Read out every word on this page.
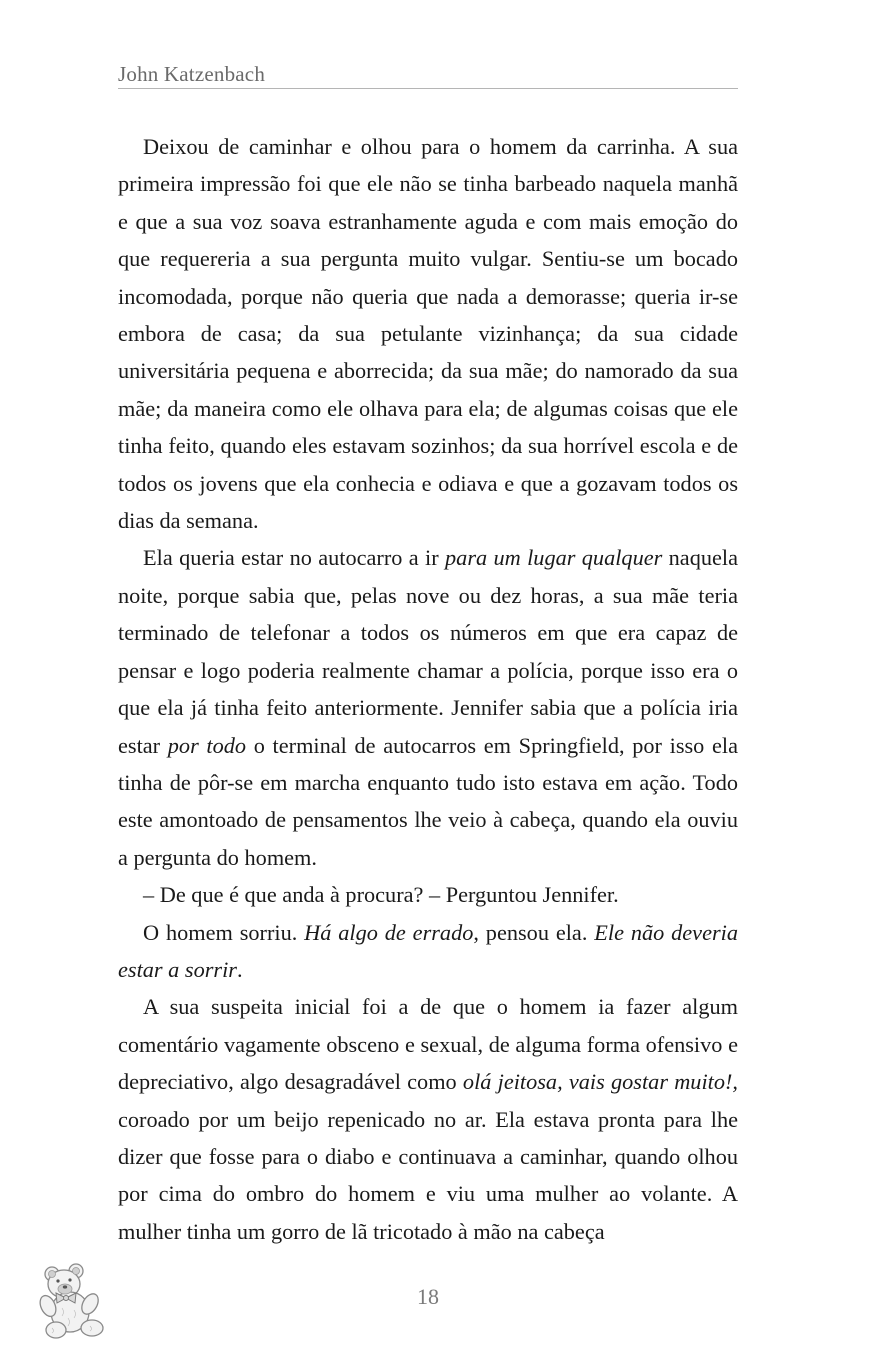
John Katzenbach

Deixou de caminhar e olhou para o homem da carrinha. A sua primeira impressão foi que ele não se tinha barbeado naquela manhã e que a sua voz soava estranhamente aguda e com mais emoção do que requereria a sua pergunta muito vulgar. Sentiu-se um bocado incomodada, porque não queria que nada a demorasse; queria ir-se embora de casa; da sua petulante vizinhança; da sua cidade universitária pequena e aborrecida; da sua mãe; do namorado da sua mãe; da maneira como ele olhava para ela; de algumas coisas que ele tinha feito, quando eles estavam sozinhos; da sua horrível escola e de todos os jovens que ela conhecia e odiava e que a gozavam todos os dias da semana.

Ela queria estar no autocarro a ir para um lugar qualquer naquela noite, porque sabia que, pelas nove ou dez horas, a sua mãe teria terminado de telefonar a todos os números em que era capaz de pensar e logo poderia realmente chamar a polícia, porque isso era o que ela já tinha feito anteriormente. Jennifer sabia que a polícia iria estar por todo o terminal de autocarros em Springfield, por isso ela tinha de pôr-se em marcha enquanto tudo isto estava em ação. Todo este amontoado de pensamentos lhe veio à cabeça, quando ela ouviu a pergunta do homem.

– De que é que anda à procura? – Perguntou Jennifer.

O homem sorriu. Há algo de errado, pensou ela. Ele não deveria estar a sorrir.

A sua suspeita inicial foi a de que o homem ia fazer algum comentário vagamente obsceno e sexual, de alguma forma ofensivo e depreciativo, algo desagradável como olá jeitosa, vais gostar muito!, coroado por um beijo repenicado no ar. Ela estava pronta para lhe dizer que fosse para o diabo e continuava a caminhar, quando olhou por cima do ombro do homem e viu uma mulher ao volante. A mulher tinha um gorro de lã tricotado à mão na cabeça

18
